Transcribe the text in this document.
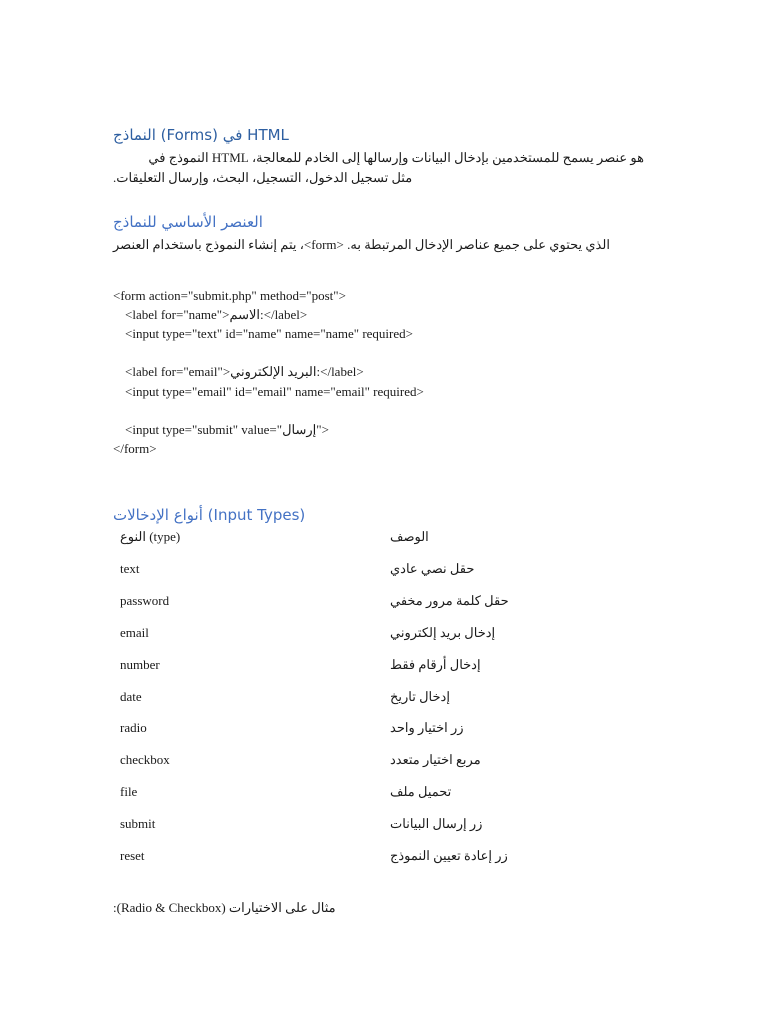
النماذج (Forms) في HTML
هو عنصر يسمح للمستخدمين بإدخال البيانات وإرسالها إلى الخادم للمعالجة، HTML النموذج في
مثل تسجيل الدخول، التسجيل، البحث، وإرسال التعليقات.
العنصر الأساسي للنماذج
الذي يحتوي على جميع عناصر الإدخال المرتبطة به. <form>، يتم إنشاء النموذج باستخدام العنصر
<form action="submit.php" method="post">
<label for="name">الاسم:</label>
<input type="text" id="name" name="name" required>
<label for="email">البريد الإلكتروني:</label>
<input type="email" id="email" name="email" required>
<input type="submit" value="إرسال">
</form>
أنواع الإدخالات (Input Types)
النوع (type)	الوصف
text	حقل نصي عادي
password	حقل كلمة مرور مخفي
email	إدخال بريد إلكتروني
number	إدخال أرقام فقط
date	إدخال تاريخ
radio	زر اختيار واحد
checkbox	مربع اختيار متعدد
file	تحميل ملف
submit	زر إرسال البيانات
reset	زر إعادة تعيين النموذج
مثال على الاختيارات (Radio & Checkbox):
